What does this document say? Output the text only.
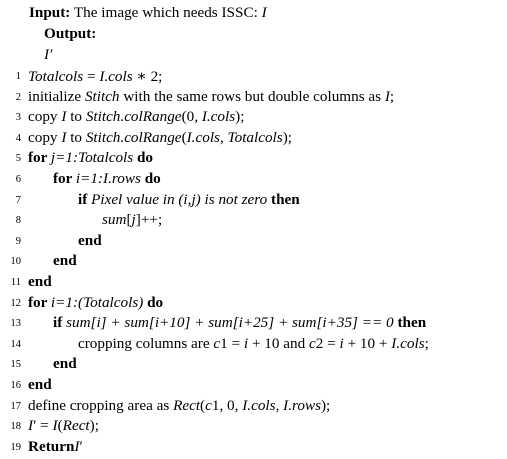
Input: The image which needs ISSC: I
Output:
I′
1 Totalcols = I.cols ∗ 2;
2 initialize Stitch with the same rows but double columns as I;
3 copy I to Stitch.colRange(0, I.cols);
4 copy I to Stitch.colRange(I.cols, Totalcols);
5 for j=1:Totalcols do
6 for i=1:I.rows do
7	if Pixel value in (i,j) is not zero then
8	sum[j]++;
9	end
10 end
11 end
12 for i=1:(Totalcols) do
13 if sum[i] + sum[i+10] + sum[i+25] + sum[i+35] == 0 then
14	cropping columns are c1 = i + 10 and c2 = i + 10 + I.cols;
15 end
16 end
17 define cropping area as Rect(c1, 0, I.cols, I.rows);
18 I′ = I(Rect);
19 ReturnI′
